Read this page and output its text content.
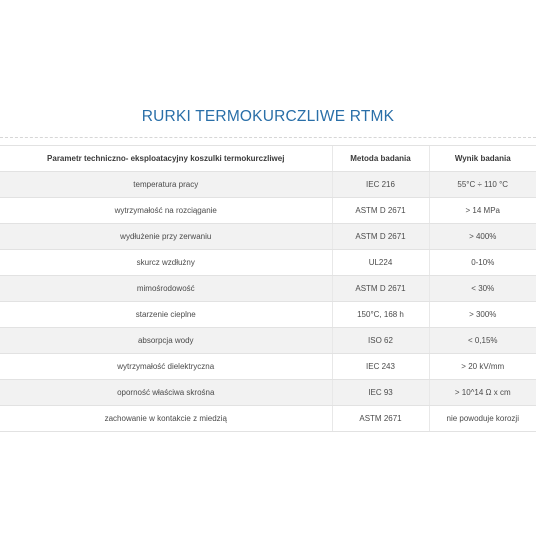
RURKI TERMOKURCZLIWE RTMK
Parametr techniczno- eksploatacyjny koszulki termokurczliwej	Metoda badania	Wynik badania
temperatura pracy	IEC 216	55°C ÷ 110 °C
wytrzymałość na rozciąganie	ASTM D 2671	> 14 MPa
wydłużenie przy zerwaniu	ASTM D 2671	> 400%
skurcz wzdłużny	UL224	0-10%
mimośrodowość	ASTM D 2671	< 30%
starzenie cieplne	150°C, 168 h	> 300%
absorpcja wody	ISO 62	< 0,15%
wytrzymałość dielektryczna	IEC 243	> 20 kV/mm
oporność właściwa skrośna	IEC 93	> 10^14 Ω x cm
zachowanie w kontakcie z miedzią	ASTM 2671	nie powoduje korozji
